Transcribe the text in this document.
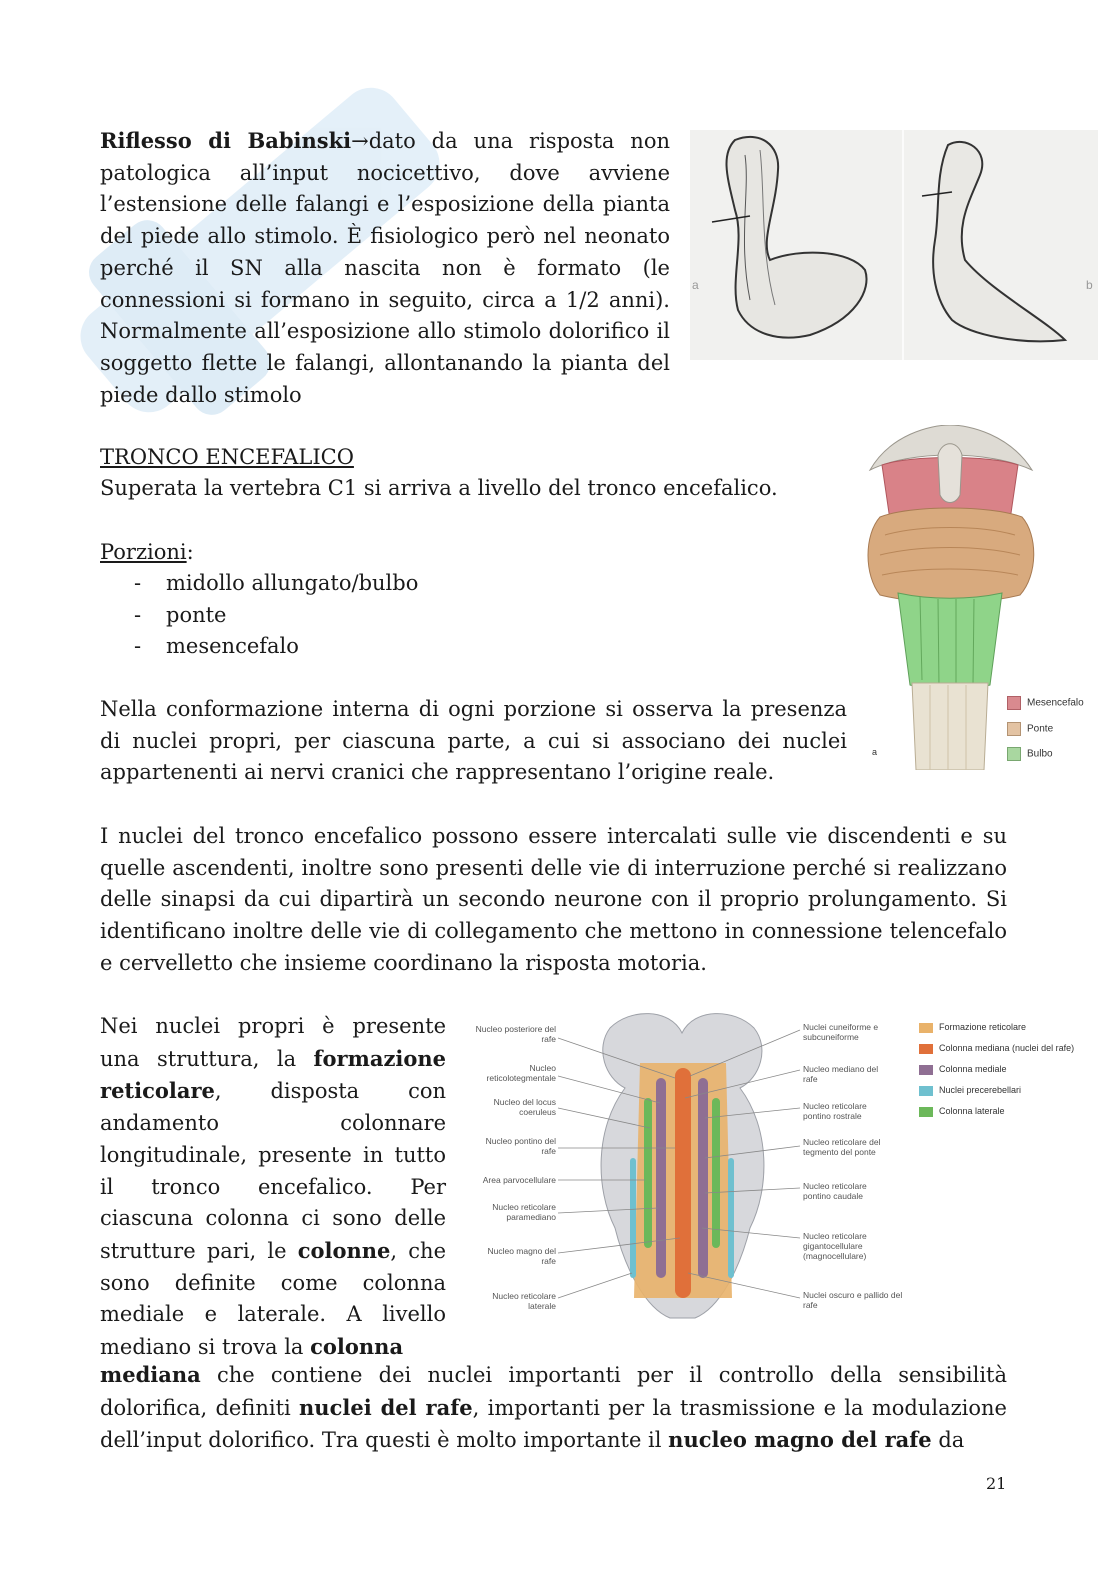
Riflesso di Babinski→dato da una risposta non patologica all’input nocicettivo, dove avviene l’estensione delle falangi e l’esposizione della pianta del piede allo stimolo. È fisiologico però nel neonato perché il SN alla nascita non è formato (le connessioni si formano in seguito, circa a 1/2 anni). Normalmente all’esposizione allo stimolo dolorifico il soggetto flette le falangi, allontanando la pianta del piede dallo stimolo

a	b

TRONCO ENCEFALICO

Superata la vertebra C1 si arriva a livello del tronco encefalico.

Porzioni:

- midollo allungato/bulbo
- ponte
- mesencefalo

Nella conformazione interna di ogni porzione si osserva la presenza di nuclei propri, per ciascuna parte, a cui si associano dei nuclei appartenenti ai nervi cranici che rappresentano l’origine reale.

Mesencefalo
Ponte
Bulbo
a

I nuclei del tronco encefalico possono essere intercalati sulle vie discendenti e su quelle ascendenti, inoltre sono presenti delle vie di interruzione perché si realizzano delle sinapsi da cui dipartirà un secondo neurone con il proprio prolungamento. Si identificano inoltre delle vie di collegamento che mettono in connessione telencefalo e cervelletto che insieme coordinano la risposta motoria.

Nei nuclei propri è presente una struttura, la formazione reticolare, disposta con andamento colonnare longitudinale, presente in tutto il tronco encefalico. Per ciascuna colonna ci sono delle strutture pari, le colonne, che sono definite come colonna mediale e laterale. A livello mediano si trova la colonna

mediana che contiene dei nuclei importanti per il controllo della sensibilità dolorifica, definiti nuclei del rafe, importanti per la trasmissione e la modulazione dell’input dolorifico. Tra questi è molto importante il nucleo magno del rafe da

Nucleo posteriore del rafe
Nucleo reticolotegmentale
Nucleo del locus coeruleus
Nucleo pontino del rafe
Area parvocellulare
Nucleo reticolare paramediano
Nucleo magno del rafe
Nucleo reticolare laterale
Nuclei cuneiforme e subcuneiforme
Nucleo mediano del rafe
Nucleo reticolare pontino rostrale
Nucleo reticolare del tegmento del ponte
Nucleo reticolare pontino caudale
Nucleo reticolare gigantocellulare (magnocellulare)
Nuclei oscuro e pallido del rafe
Formazione reticolare
Colonna mediana (nuclei del rafe)
Colonna mediale
Nuclei precerebellari
Colonna laterale
21
